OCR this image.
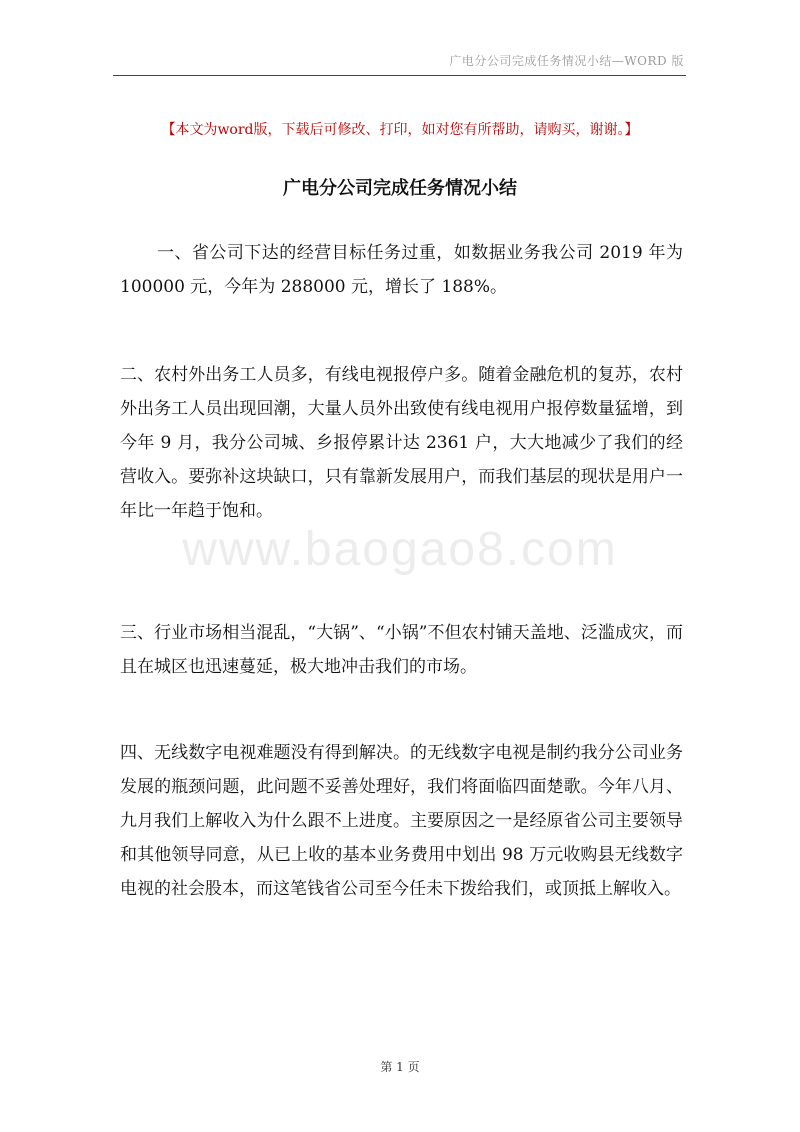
广电分公司完成任务情况小结—WORD 版
【本文为word版，下载后可修改、打印，如对您有所帮助，请购买，谢谢。】
广电分公司完成任务情况小结
一、省公司下达的经营目标任务过重，如数据业务我公司 2019 年为 100000 元，今年为 288000 元，增长了 188%。
二、农村外出务工人员多，有线电视报停户多。随着金融危机的复苏，农村外出务工人员出现回潮，大量人员外出致使有线电视用户报停数量猛增，到今年 9 月，我分公司城、乡报停累计达 2361 户，大大地减少了我们的经营收入。要弥补这块缺口，只有靠新发展用户，而我们基层的现状是用户一年比一年趋于饱和。
三、行业市场相当混乱，“大锅”、“小锅”不但农村铺天盖地、泛滥成灾，而且在城区也迅速蔓延，极大地冲击我们的市场。
四、无线数字电视难题没有得到解决。的无线数字电视是制约我分公司业务发展的瓶颈问题，此问题不妥善处理好，我们将面临四面楚歌。今年八月、九月我们上解收入为什么跟不上进度。主要原因之一是经原省公司主要领导和其他领导同意，从已上收的基本业务费用中划出 98 万元收购县无线数字电视的社会股本，而这笔钱省公司至今任未下拨给我们，或顶抵上解收入。
www.baogao8.com
第 1 页
